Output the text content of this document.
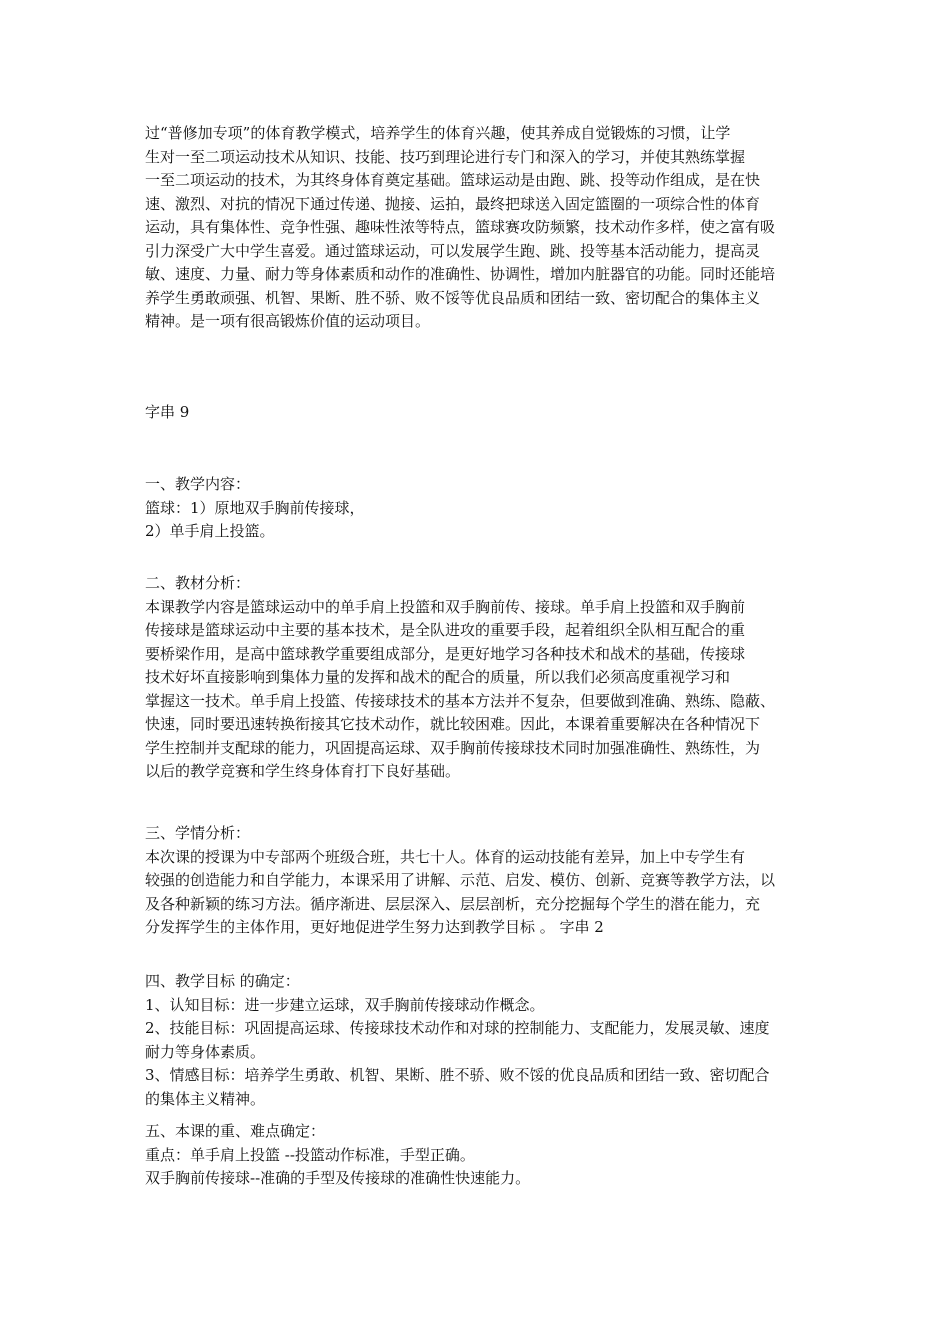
过“普修加专项”的体育教学模式，培养学生的体育兴趣，使其养成自觉锻炼的习惯，让学
生对一至二项运动技术从知识、技能、技巧到理论进行专门和深入的学习，并使其熟练掌握
一至二项运动的技术，为其终身体育奠定基础。篮球运动是由跑、跳、投等动作组成，是在快
速、激烈、对抗的情况下通过传递、抛接、运拍，最终把球送入固定篮圈的一项综合性的体育
运动，具有集体性、竞争性强、趣味性浓等特点，篮球赛攻防频繁，技术动作多样，使之富有吸
引力深受广大中学生喜爱。通过篮球运动，可以发展学生跑、跳、投等基本活动能力，提高灵
敏、速度、力量、耐力等身体素质和动作的准确性、协调性，增加内脏器官的功能。同时还能培
养学生勇敢顽强、机智、果断、胜不骄、败不馁等优良品质和团结一致、密切配合的集体主义
精神。是一项有很高锻炼价值的运动项目。
字串 9
一、教学内容：
篮球：1）原地双手胸前传接球，
2）单手肩上投篮。
二、教材分析：
本课教学内容是篮球运动中的单手肩上投篮和双手胸前传、接球。单手肩上投篮和双手胸前
传接球是篮球运动中主要的基本技术，是全队进攻的重要手段，起着组织全队相互配合的重
要桥梁作用，是高中篮球教学重要组成部分，是更好地学习各种技术和战术的基础，传接球
技术好坏直接影响到集体力量的发挥和战术的配合的质量，所以我们必须高度重视学习和
掌握这一技术。单手肩上投篮、传接球技术的基本方法并不复杂，但要做到准确、熟练、隐蔽、
快速，同时要迅速转换衔接其它技术动作，就比较困难。因此，本课着重要解决在各种情况下
学生控制并支配球的能力，巩固提高运球、双手胸前传接球技术同时加强准确性、熟练性，为
以后的教学竞赛和学生终身体育打下良好基础。
三、学情分析：
本次课的授课为中专部两个班级合班，共七十人。体育的运动技能有差异，加上中专学生有
较强的创造能力和自学能力，本课采用了讲解、示范、启发、模仿、创新、竞赛等教学方法，以
及各种新颖的练习方法。循序渐进、层层深入、层层剖析，充分挖掘每个学生的潜在能力，充
分发挥学生的主体作用，更好地促进学生努力达到教学目标 。 字串 2
四、教学目标 的确定：
1、认知目标：进一步建立运球，双手胸前传接球动作概念。
2、技能目标：巩固提高运球、传接球技术动作和对球的控制能力、支配能力，发展灵敏、速度
耐力等身体素质。
3、情感目标：培养学生勇敢、机智、果断、胜不骄、败不馁的优良品质和团结一致、密切配合
的集体主义精神。
五、本课的重、难点确定：
重点：单手肩上投篮 --投篮动作标准，手型正确。
双手胸前传接球--准确的手型及传接球的准确性快速能力。
